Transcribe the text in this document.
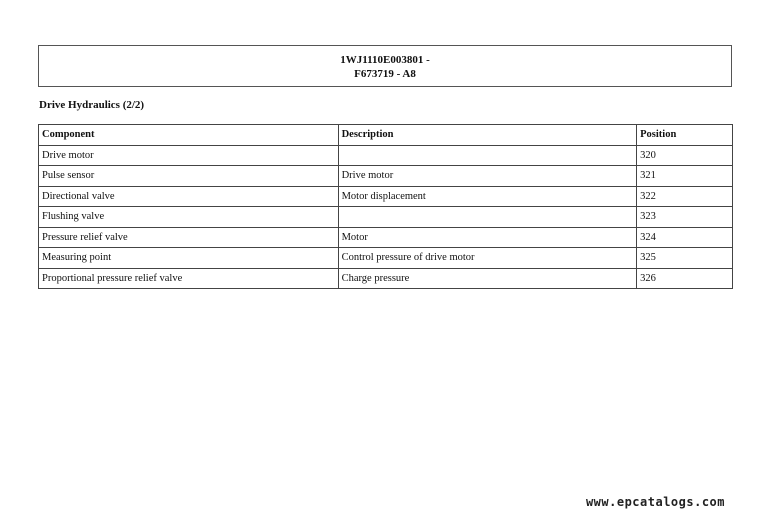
1WJ1110E003801 -
F673719 - A8
Drive Hydraulics (2/2)
Component	Description	Position
Drive motor		320
Pulse sensor	Drive motor	321
Directional valve	Motor displacement	322
Flushing valve		323
Pressure relief valve	Motor	324
Measuring point	Control pressure of drive motor	325
Proportional pressure relief valve	Charge pressure	326
www.epcatalogs.com
